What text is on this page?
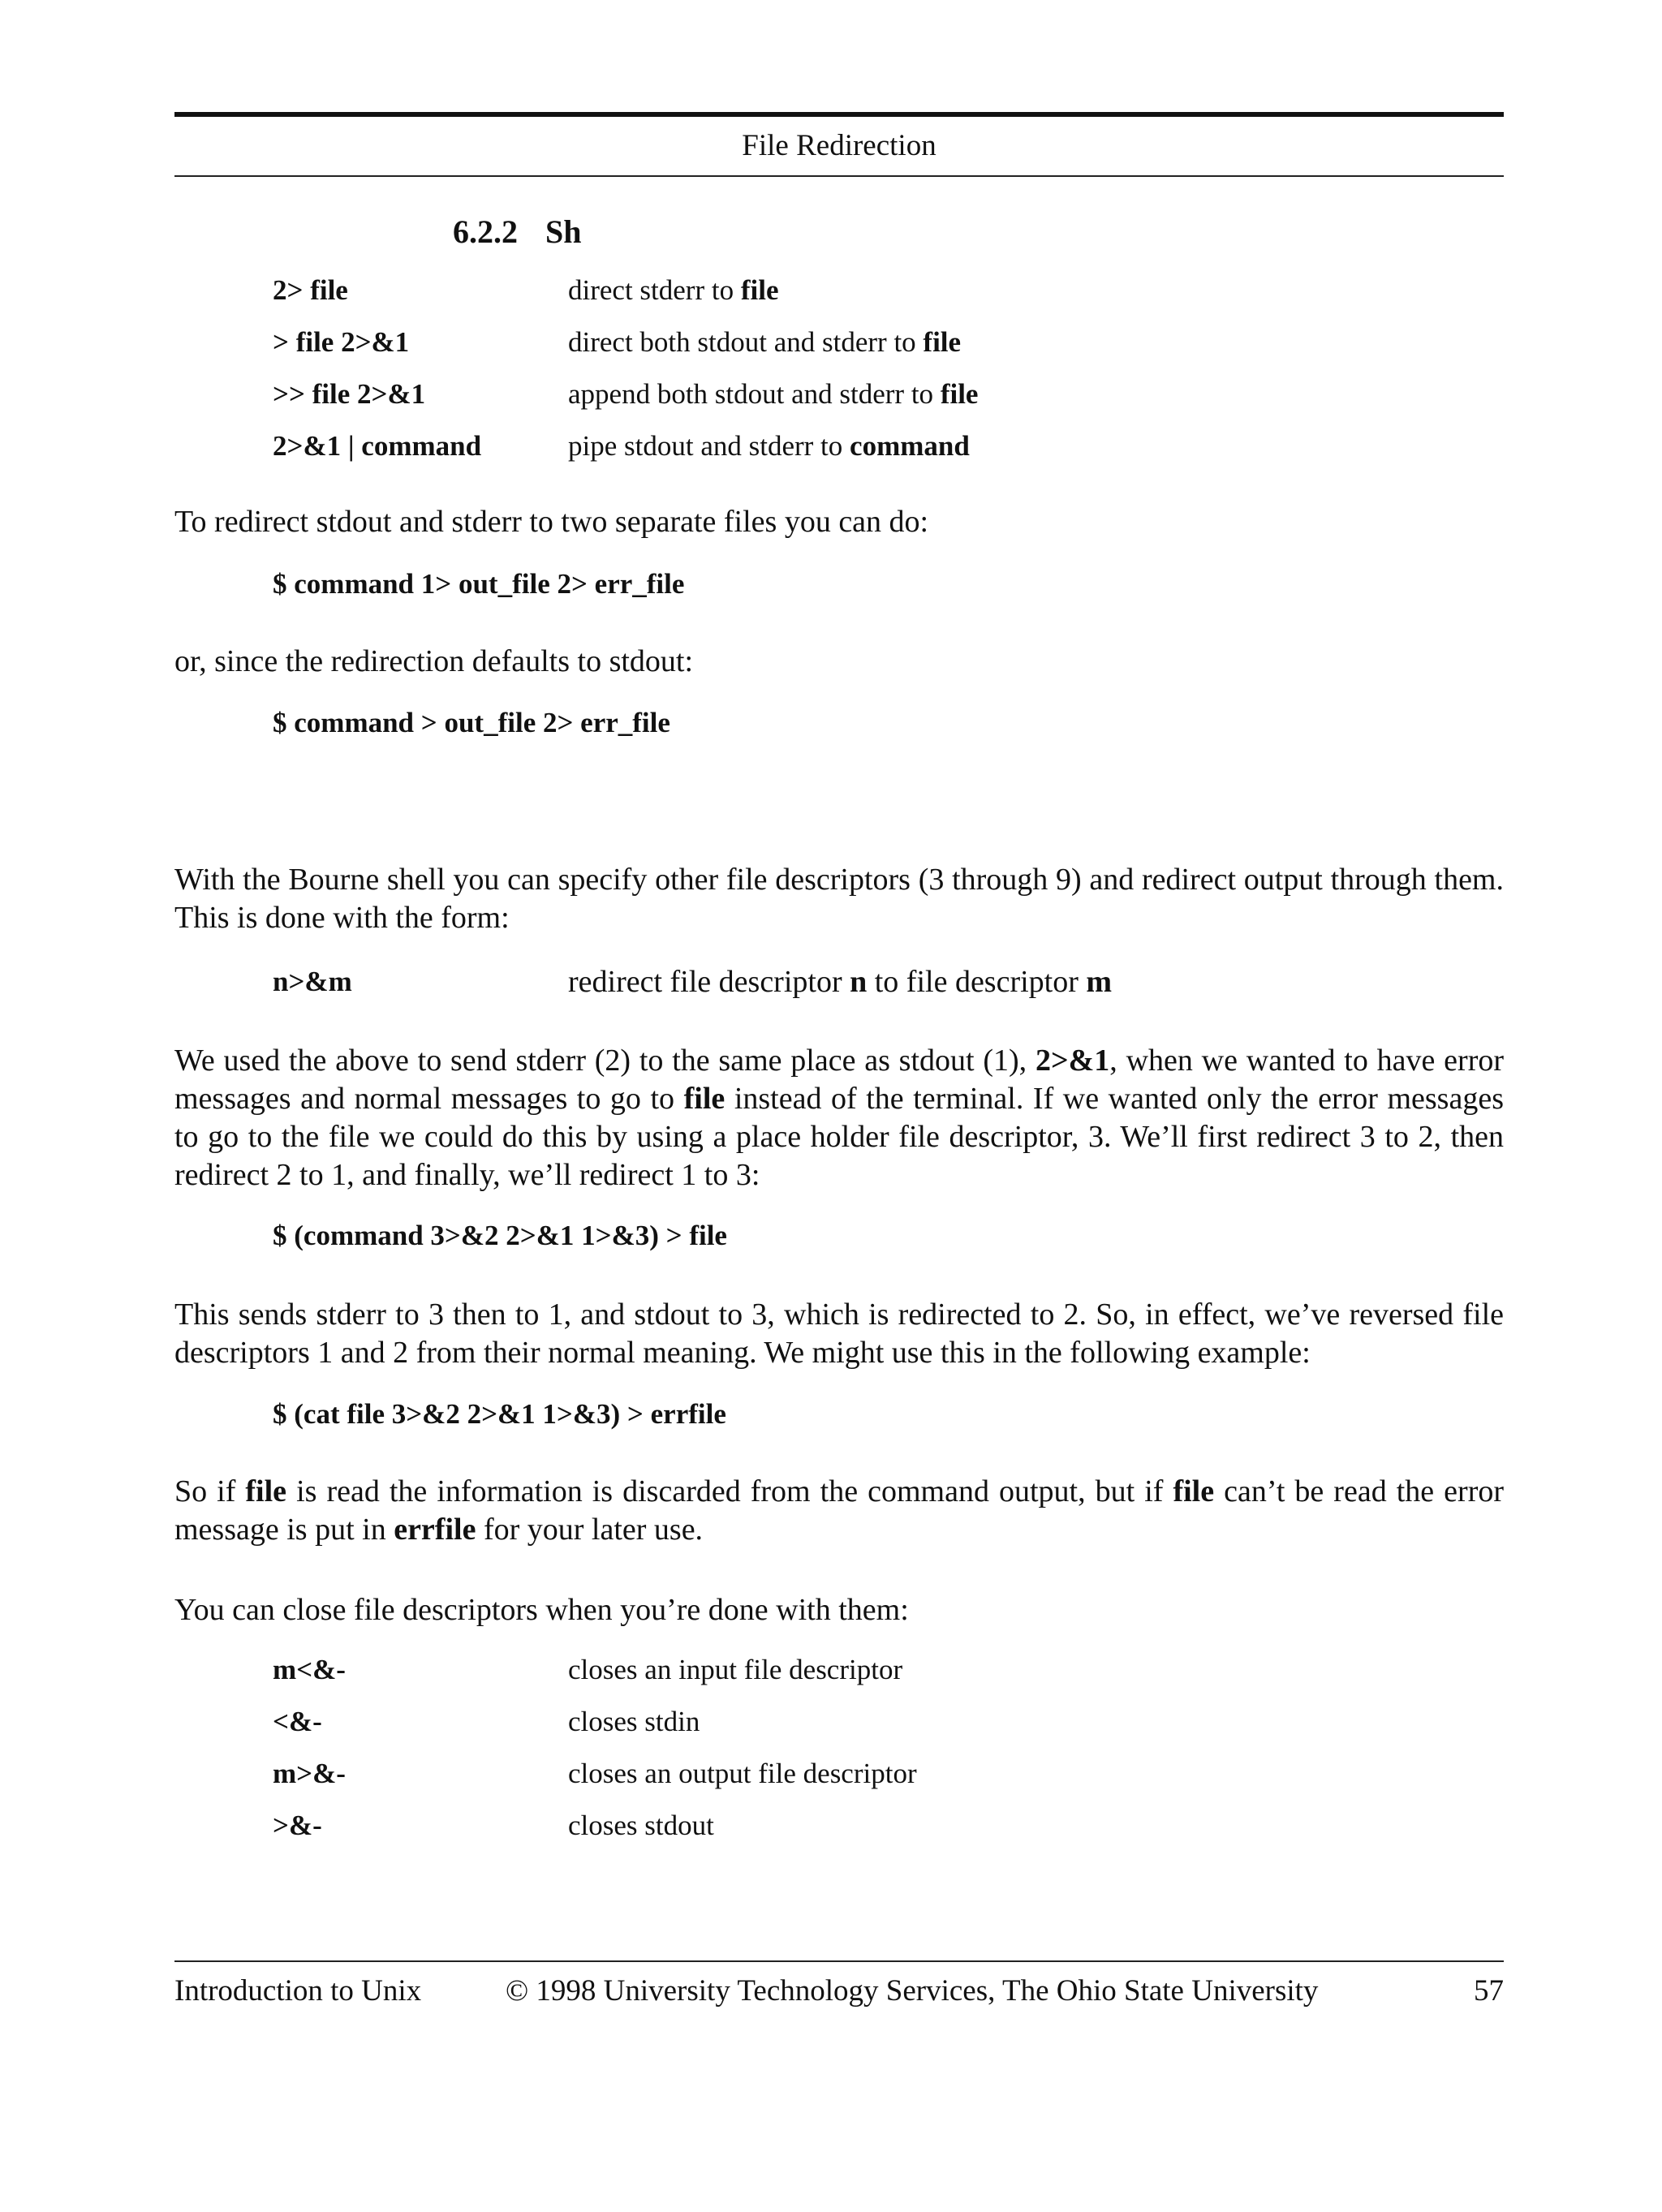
File Redirection
6.2.2 Sh
2> file	direct stderr to file
> file 2>&1	direct both stdout and stderr to file
>> file 2>&1	append both stdout and stderr to file
2>&1 | command	pipe stdout and stderr to command
To redirect stdout and stderr to two separate files you can do:
$ command 1> out_file 2> err_file
or, since the redirection defaults to stdout:
$ command > out_file 2> err_file
With the Bourne shell you can specify other file descriptors (3 through 9) and redirect output through them. This is done with the form:
n>&m	redirect file descriptor n to file descriptor m
We used the above to send stderr (2) to the same place as stdout (1), 2>&1, when we wanted to have error messages and normal messages to go to file instead of the terminal. If we wanted only the error messages to go to the file we could do this by using a place holder file descriptor, 3. We’ll first redirect 3 to 2, then redirect 2 to 1, and finally, we’ll redirect 1 to 3:
$ (command 3>&2 2>&1 1>&3) > file
This sends stderr to 3 then to 1, and stdout to 3, which is redirected to 2. So, in effect, we’ve reversed file descriptors 1 and 2 from their normal meaning. We might use this in the following example:
$ (cat file 3>&2 2>&1 1>&3) > errfile
So if file is read the information is discarded from the command output, but if file can’t be read the error message is put in errfile for your later use.
You can close file descriptors when you’re done with them:
m<&-	closes an input file descriptor
<&-	closes stdin
m>&-	closes an output file descriptor
>&-	closes stdout
Introduction to Unix	© 1998 University Technology Services, The Ohio State University	57
